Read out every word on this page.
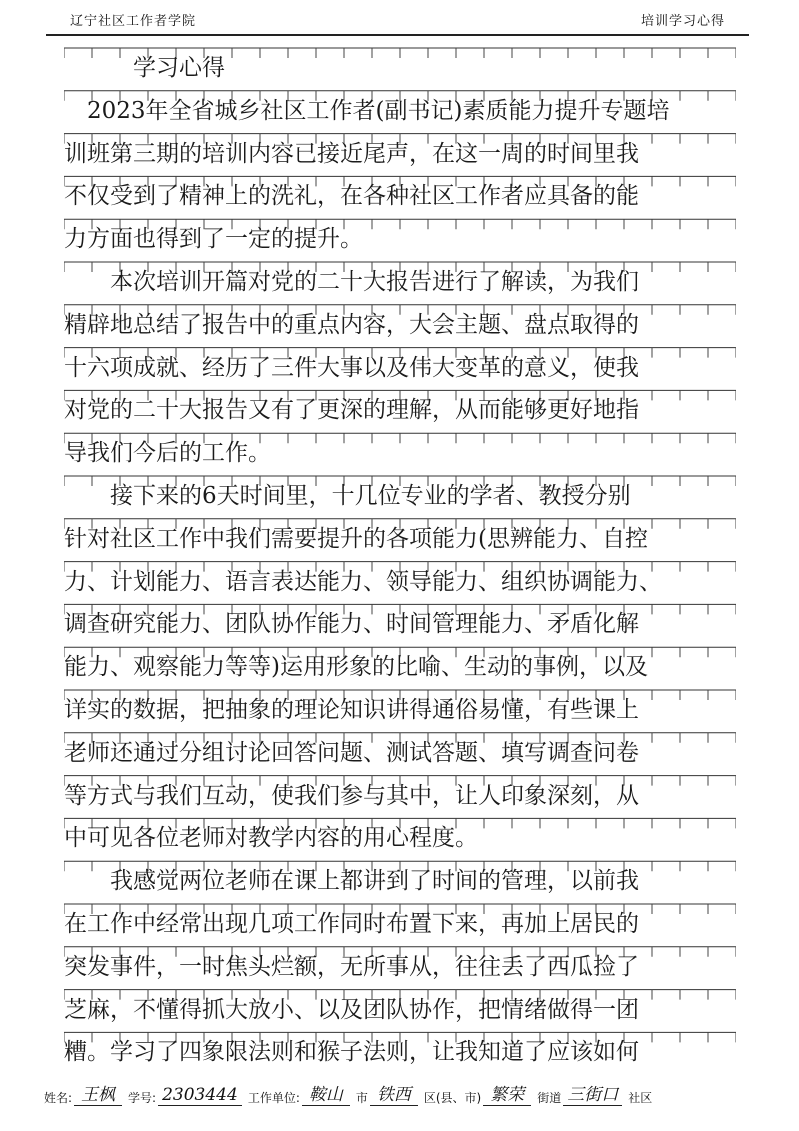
辽宁社区工作者学院	培训学习心得
　　　学习心得
　2023年全省城乡社区工作者(副书记)素质能力提升专题培
训班第三期的培训内容已接近尾声，在这一周的时间里我
不仅受到了精神上的洗礼，在各种社区工作者应具备的能
力方面也得到了一定的提升。
　　本次培训开篇对党的二十大报告进行了解读，为我们
精辟地总结了报告中的重点内容，大会主题、盘点取得的
十六项成就、经历了三件大事以及伟大变革的意义，使我
对党的二十大报告又有了更深的理解，从而能够更好地指
导我们今后的工作。
　　接下来的6天时间里，十几位专业的学者、教授分别
针对社区工作中我们需要提升的各项能力(思辨能力、自控
力、计划能力、语言表达能力、领导能力、组织协调能力、
调查研究能力、团队协作能力、时间管理能力、矛盾化解
能力、观察能力等等)运用形象的比喻、生动的事例，以及
详实的数据，把抽象的理论知识讲得通俗易懂，有些课上
老师还通过分组讨论回答问题、测试答题、填写调查问卷
等方式与我们互动，使我们参与其中，让人印象深刻，从
中可见各位老师对教学内容的用心程度。
　　我感觉两位老师在课上都讲到了时间的管理，以前我
在工作中经常出现几项工作同时布置下来，再加上居民的
突发事件，一时焦头烂额，无所事从，往往丢了西瓜捡了
芝麻，不懂得抓大放小、以及团队协作，把情绪做得一团
糟。学习了四象限法则和猴子法则，让我知道了应该如何
姓名: 王枫	学号: 2303444 工作单位: 鞍山	市 铁西	区(县、市) 繁荣	街道 三街口 社区
